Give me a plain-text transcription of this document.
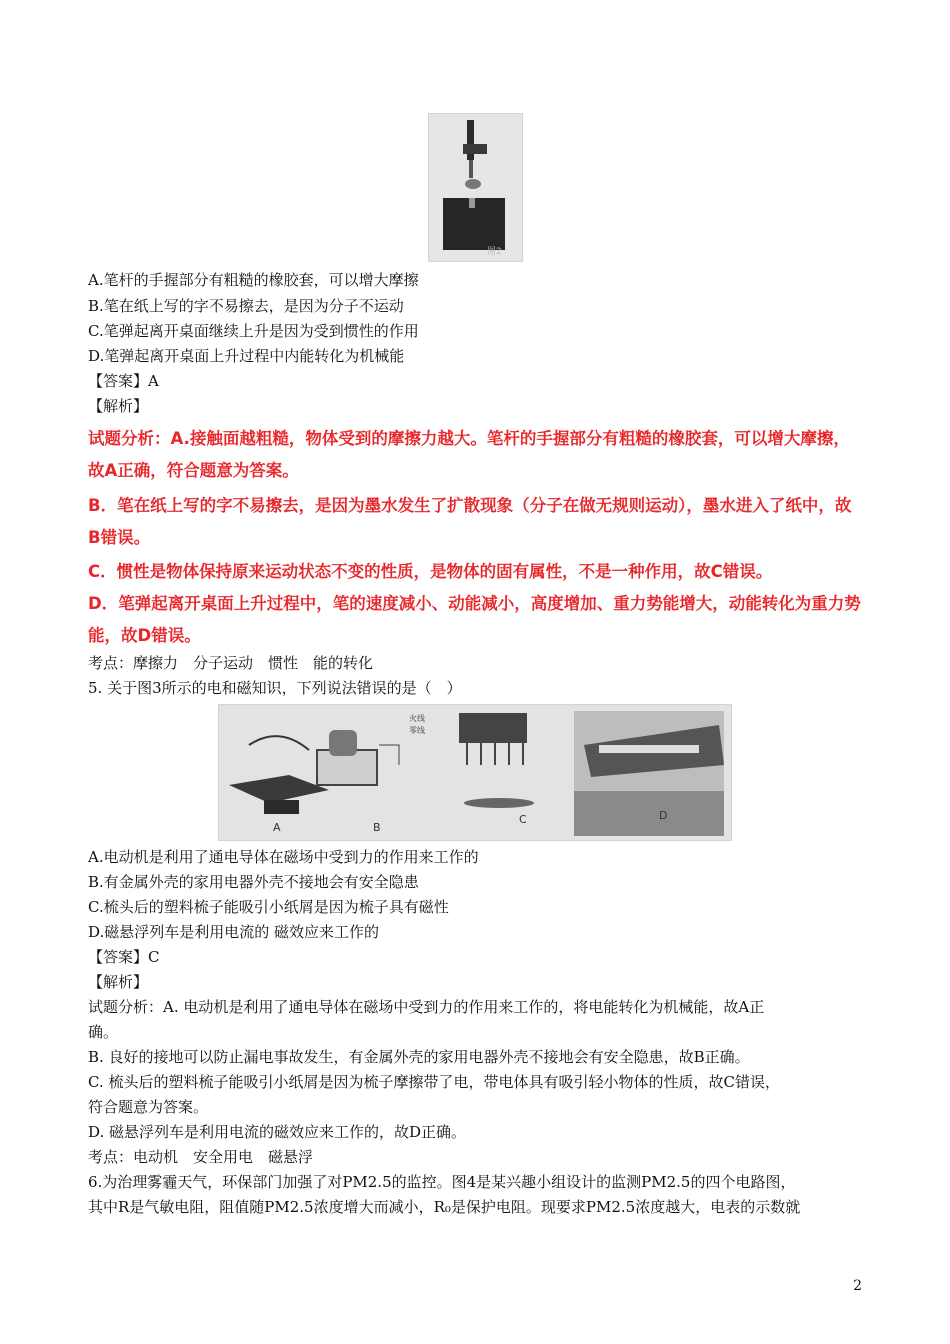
图2
A.笔杆的手握部分有粗糙的橡胶套，可以增大摩擦
B.笔在纸上写的字不易擦去，是因为分子不运动
C.笔弹起离开桌面继续上升是因为受到惯性的作用
D.笔弹起离开桌面上升过程中内能转化为机械能
【答案】A
【解析】
试题分析：A.接触面越粗糙，物体受到的摩擦力越大。笔杆的手握部分有粗糙的橡胶套，可以增大摩擦，
故A正确，符合题意为答案。
B．笔在纸上写的字不易擦去，是因为墨水发生了扩散现象（分子在做无规则运动），墨水进入了纸中，故
B错误。
C．惯性是物体保持原来运动状态不变的性质，是物体的固有属性，不是一种作用，故C错误。
D．笔弹起离开桌面上升过程中，笔的速度减小、动能减小，高度增加、重力势能增大，动能转化为重力势
能，故D错误。
考点：摩擦力　分子运动　惯性　能的转化
5. 关于图3所示的电和磁知识，下列说法错误的是（　）
火线
零线
A	B
C	D
A.电动机是利用了通电导体在磁场中受到力的作用来工作的
B.有金属外壳的家用电器外壳不接地会有安全隐患
C.梳头后的塑料梳子能吸引小纸屑是因为梳子具有磁性
D.磁悬浮列车是利用电流的 磁效应来工作的
【答案】C
【解析】
试题分析：A. 电动机是利用了通电导体在磁场中受到力的作用来工作的，将电能转化为机械能，故A正
确。
B. 良好的接地可以防止漏电事故发生，有金属外壳的家用电器外壳不接地会有安全隐患，故B正确。
C. 梳头后的塑料梳子能吸引小纸屑是因为梳子摩擦带了电，带电体具有吸引轻小物体的性质，故C错误，
符合题意为答案。
D. 磁悬浮列车是利用电流的磁效应来工作的，故D正确。
考点：电动机　安全用电　磁悬浮
6.为治理雾霾天气，环保部门加强了对PM2.5的监控。图4是某兴趣小组设计的监测PM2.5的四个电路图，
其中R是气敏电阻，阻值随PM2.5浓度增大而减小，R₀是保护电阻。现要求PM2.5浓度越大，电表的示数就
2
